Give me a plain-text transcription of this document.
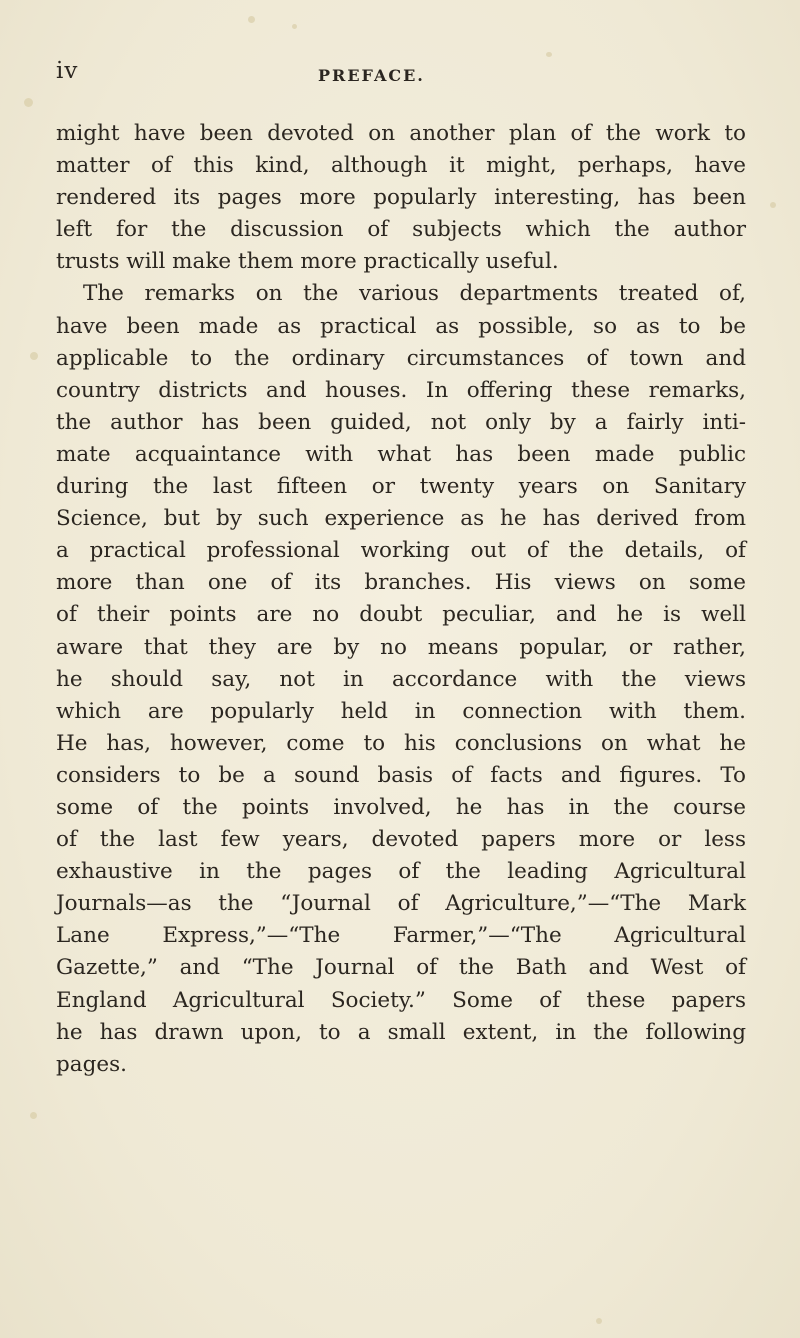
iv	PREFACE.
might have been devoted on another plan of the work to
matter of this kind, although it might, perhaps, have
rendered its pages more popularly interesting, has been
left for the discussion of subjects which the author
trusts will make them more practically useful.
The remarks on the various departments treated of,
have been made as practical as possible, so as to be
applicable to the ordinary circumstances of town and
country districts and houses. In offering these remarks,
the author has been guided, not only by a fairly inti-
mate acquaintance with what has been made public
during the last fifteen or twenty years on Sanitary
Science, but by such experience as he has derived from
a practical professional working out of the details, of
more than one of its branches. His views on some
of their points are no doubt peculiar, and he is well
aware that they are by no means popular, or rather,
he should say, not in accordance with the views
which are popularly held in connection with them.
He has, however, come to his conclusions on what he
considers to be a sound basis of facts and figures. To
some of the points involved, he has in the course
of the last few years, devoted papers more or less
exhaustive in the pages of the leading Agricultural
Journals—as the “Journal of Agriculture,”—“The Mark
Lane Express,”—“The Farmer,”—“The Agricultural
Gazette,” and “The Journal of the Bath and West of
England Agricultural Society.” Some of these papers
he has drawn upon, to a small extent, in the following
pages.
